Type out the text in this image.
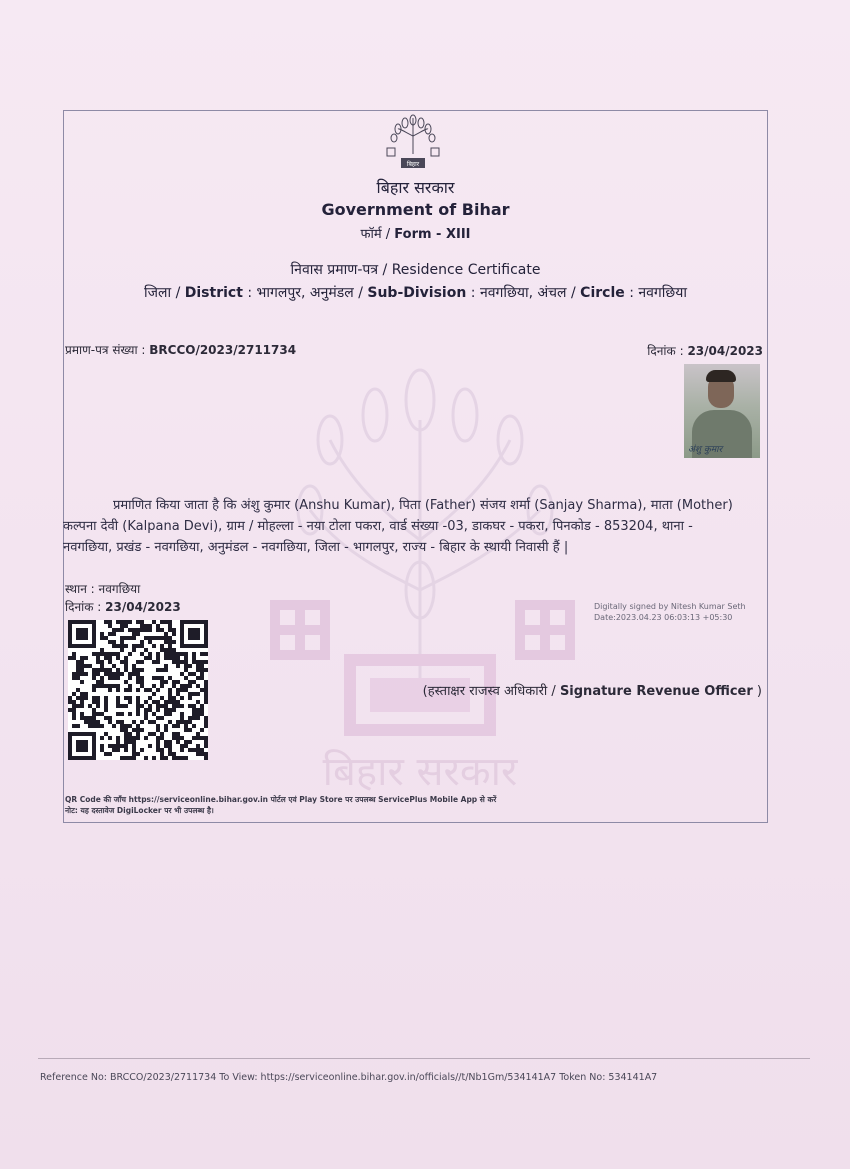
बिहार सरकार
बिहार
बिहार सरकार
Government of Bihar
फॉर्म / Form - XIII
निवास प्रमाण-पत्र / Residence Certificate
जिला / District : भागलपुर, अनुमंडल / Sub-Division : नवगछिया, अंचल / Circle : नवगछिया
प्रमाण-पत्र संख्या : BRCCO/2023/2711734	दिनांक : 23/04/2023
अंशु कुमार
प्रमाणित किया जाता है कि अंशु कुमार (Anshu Kumar), पिता (Father) संजय शर्मा (Sanjay Sharma), माता (Mother)
कल्पना देवी (Kalpana Devi), ग्राम / मोहल्ला - नया टोला पकरा, वार्ड संख्या -03, डाकघर - पकरा, पिनकोड - 853204, थाना -
नवगछिया, प्रखंड - नवगछिया, अनुमंडल - नवगछिया, जिला - भागलपुर, राज्य - बिहार के स्थायी निवासी हैं |
स्थान : नवगछिया
दिनांक : 23/04/2023	Digitally signed by Nitesh Kumar Seth
Date:2023.04.23 06:03:13 +05:30
(हस्ताक्षर राजस्व अधिकारी / Signature Revenue Officer )
QR Code की जाँच https://serviceonline.bihar.gov.in पोर्टल एवं Play Store पर उपलब्ध ServicePlus Mobile App से करें
नोट: यह दस्तावेज DigiLocker पर भी उपलब्ध है।
Reference No: BRCCO/2023/2711734 To View: https://serviceonline.bihar.gov.in/officials//t/Nb1Gm/534141A7 Token No: 534141A7
